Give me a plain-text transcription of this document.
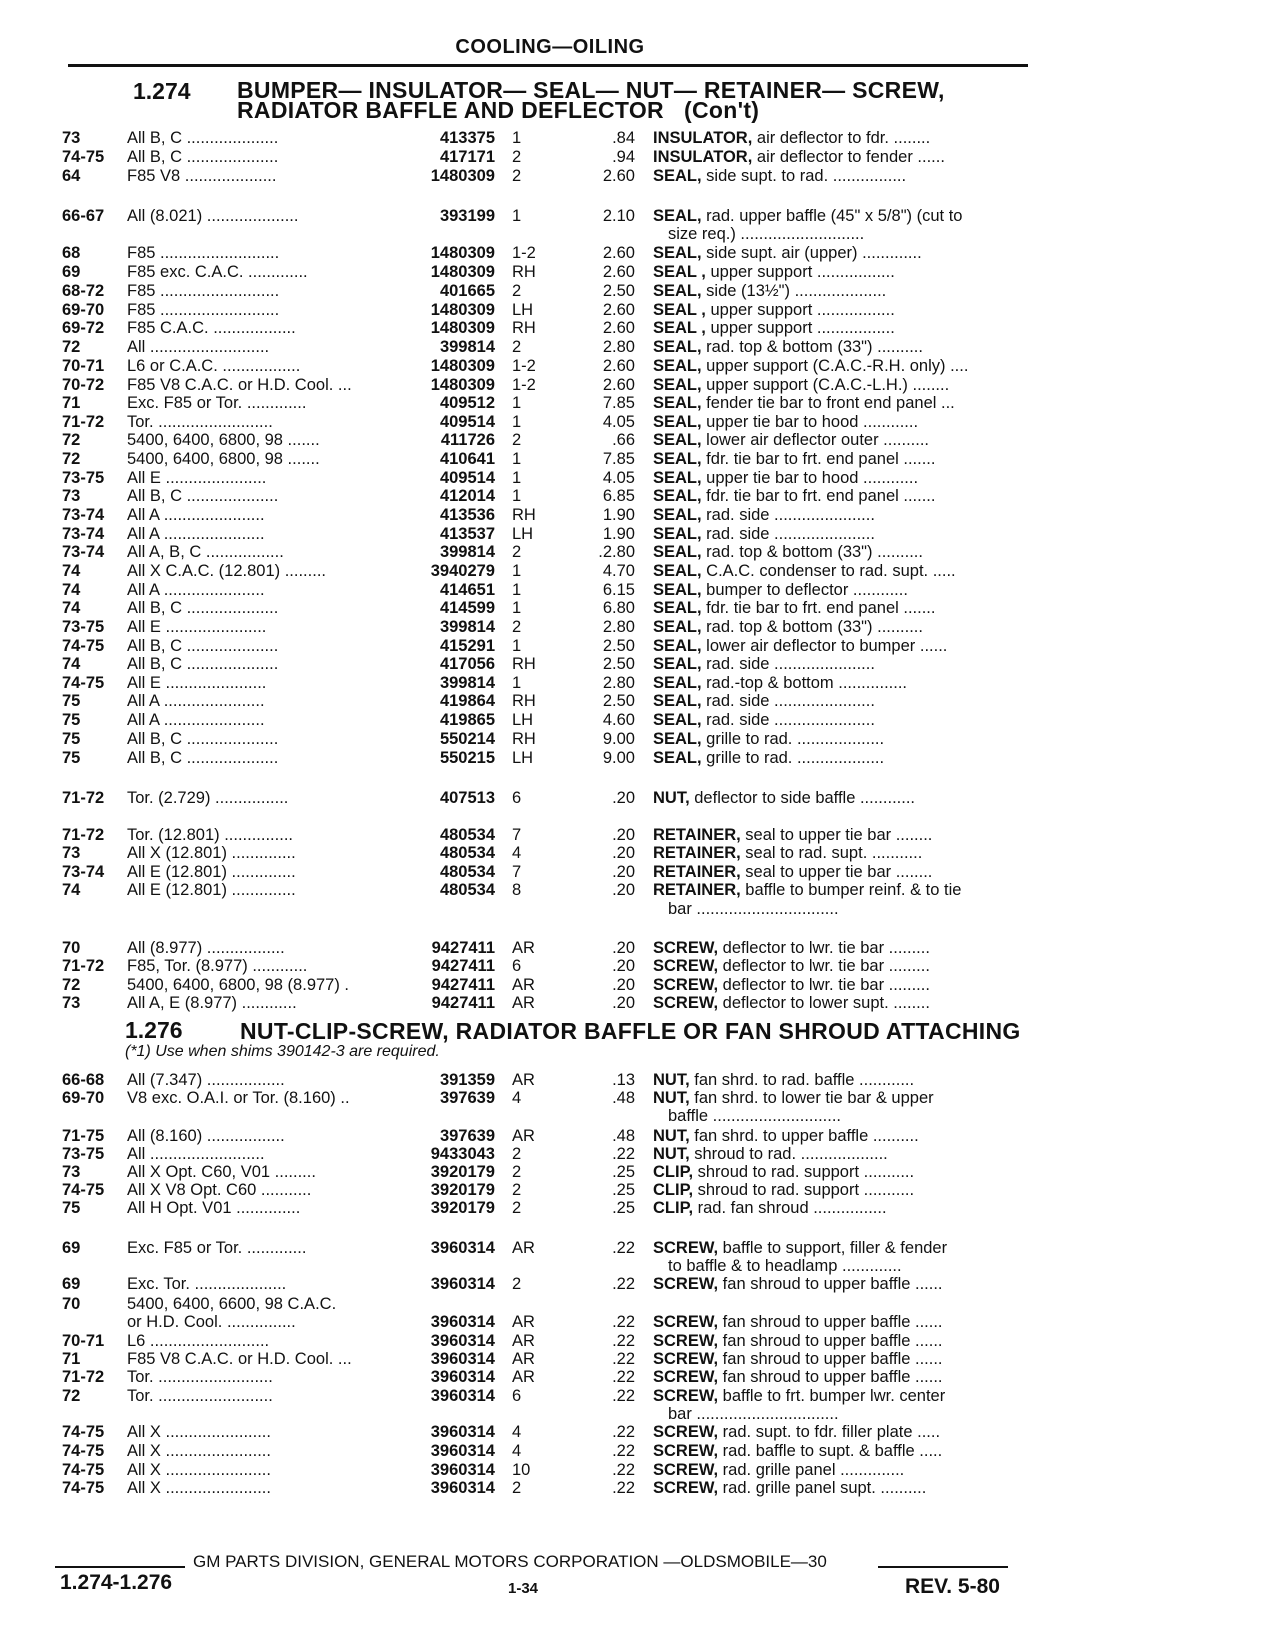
COOLING—OILING
1.274 BUMPER— INSULATOR— SEAL— NUT— RETAINER— SCREW,
RADIATOR BAFFLE AND DEFLECTOR   (Con't)
73	All B, C ....................	413375 1	.84 INSULATOR, air deflector to fdr. ........
74-75	All B, C ....................	417171 2	.94 INSULATOR, air deflector to fender ......
64	F85 V8 ....................	1480309 2	2.60 SEAL, side supt. to rad. ................
66-67	All (8.021) ....................	393199 1	2.10 SEAL, rad. upper baffle (45" x 5/8") (cut to
size req.) ...........................
68	F85 ..........................	1480309 1-2	2.60 SEAL, side supt. air (upper) .............
69	F85 exc. C.A.C. .............	1480309 RH	2.60 SEAL , upper support .................
68-72	F85 ..........................	401665 2	2.50 SEAL, side (13½") ....................
69-70	F85 ..........................	1480309 LH	2.60 SEAL , upper support .................
69-72	F85 C.A.C. ..................	1480309 RH	2.60 SEAL , upper support .................
72	All ..........................	399814 2	2.80 SEAL, rad. top & bottom (33") ..........
70-71	L6 or C.A.C. .................	1480309 1-2	2.60 SEAL, upper support (C.A.C.-R.H. only) ....
70-72	F85 V8 C.A.C. or H.D. Cool. ...	1480309 1-2	2.60 SEAL, upper support (C.A.C.-L.H.) ........
71	Exc. F85 or Tor. .............	409512 1	7.85 SEAL, fender tie bar to front end panel ...
71-72	Tor. .........................	409514 1	4.05 SEAL, upper tie bar to hood ............
72	5400, 6400, 6800, 98 .......	411726 2	.66 SEAL, lower air deflector outer ..........
72	5400, 6400, 6800, 98 .......	410641 1	7.85 SEAL, fdr. tie bar to frt. end panel .......
73-75	All E ......................	409514 1	4.05 SEAL, upper tie bar to hood ............
73	All B, C ....................	412014 1	6.85 SEAL, fdr. tie bar to frt. end panel .......
73-74	All A ......................	413536 RH	1.90 SEAL, rad. side ......................
73-74	All A ......................	413537 LH	1.90 SEAL, rad. side ......................
73-74	All A, B, C .................	399814 2	.2.80 SEAL, rad. top & bottom (33") ..........
74	All X C.A.C. (12.801) .........	3940279 1	4.70 SEAL, C.A.C. condenser to rad. supt. .....
74	All A ......................	414651 1	6.15 SEAL, bumper to deflector ............
74	All B, C ....................	414599 1	6.80 SEAL, fdr. tie bar to frt. end panel .......
73-75	All E ......................	399814 2	2.80 SEAL, rad. top & bottom (33") ..........
74-75	All B, C ....................	415291 1	2.50 SEAL, lower air deflector to bumper ......
74	All B, C ....................	417056 RH	2.50 SEAL, rad. side ......................
74-75	All E ......................	399814 1	2.80 SEAL, rad.-top & bottom ...............
75	All A ......................	419864 RH	2.50 SEAL, rad. side ......................
75	All A ......................	419865 LH	4.60 SEAL, rad. side ......................
75	All B, C ....................	550214 RH	9.00 SEAL, grille to rad. ...................
75	All B, C ....................	550215 LH	9.00 SEAL, grille to rad. ...................
71-72	Tor. (2.729) ................	407513 6	.20 NUT, deflector to side baffle ............
71-72	Tor. (12.801) ...............	480534 7	.20 RETAINER, seal to upper tie bar ........
73	All X (12.801) ..............	480534 4	.20 RETAINER, seal to rad. supt. ...........
73-74	All E (12.801) ..............	480534 7	.20 RETAINER, seal to upper tie bar ........
74	All E (12.801) ..............	480534 8	.20 RETAINER, baffle to bumper reinf. & to tie
bar ...............................
70	All (8.977) .................	9427411 AR	.20 SCREW, deflector to lwr. tie bar .........
71-72	F85, Tor. (8.977) ............	9427411 6	.20 SCREW, deflector to lwr. tie bar .........
72	5400, 6400, 6800, 98 (8.977) .	9427411 AR	.20 SCREW, deflector to lwr. tie bar .........
73	All A, E (8.977) ............	9427411 AR	.20 SCREW, deflector to lower supt. ........
66-68	All (7.347) .................	391359 AR	.13 NUT, fan shrd. to rad. baffle ............
69-70	V8 exc. O.A.I. or Tor. (8.160) ..	397639 4	.48 NUT, fan shrd. to lower tie bar & upper
baffle ............................
71-75	All (8.160) .................	397639 AR	.48 NUT, fan shrd. to upper baffle ..........
73-75	All .........................	9433043 2	.22 NUT, shroud to rad. ...................
73	All X Opt. C60, V01 .........	3920179 2	.25 CLIP, shroud to rad. support ...........
74-75	All X V8 Opt. C60 ...........	3920179 2	.25 CLIP, shroud to rad. support ...........
75	All H Opt. V01 ..............	3920179 2	.25 CLIP, rad. fan shroud ................
69	Exc. F85 or Tor. .............	3960314 AR	.22 SCREW, baffle to support, filler & fender
to baffle & to headlamp .............
69	Exc. Tor. ....................	3960314 2	.22 SCREW, fan shroud to upper baffle ......
70	5400, 6400, 6600, 98 C.A.C.
or H.D. Cool. ...............	3960314 AR	.22 SCREW, fan shroud to upper baffle ......
70-71	L6 ..........................	3960314 AR	.22 SCREW, fan shroud to upper baffle ......
71	F85 V8 C.A.C. or H.D. Cool. ...	3960314 AR	.22 SCREW, fan shroud to upper baffle ......
71-72	Tor. .........................	3960314 AR	.22 SCREW, fan shroud to upper baffle ......
72	Tor. .........................	3960314 6	.22 SCREW, baffle to frt. bumper lwr. center
bar ...............................
74-75	All X .......................	3960314 4	.22 SCREW, rad. supt. to fdr. filler plate .....
74-75	All X .......................	3960314 4	.22 SCREW, rad. baffle to supt. & baffle .....
74-75	All X .......................	3960314 10	.22 SCREW, rad. grille panel ..............
74-75	All X .......................	3960314 2	.22 SCREW, rad. grille panel supt. ..........
1.276 NUT-CLIP-SCREW, RADIATOR BAFFLE OR FAN SHROUD ATTACHING
(*1) Use when shims 390142-3 are required.
GM PARTS DIVISION, GENERAL MOTORS CORPORATION —OLDSMOBILE—30
1.274-1.276	1-34	REV. 5-80
